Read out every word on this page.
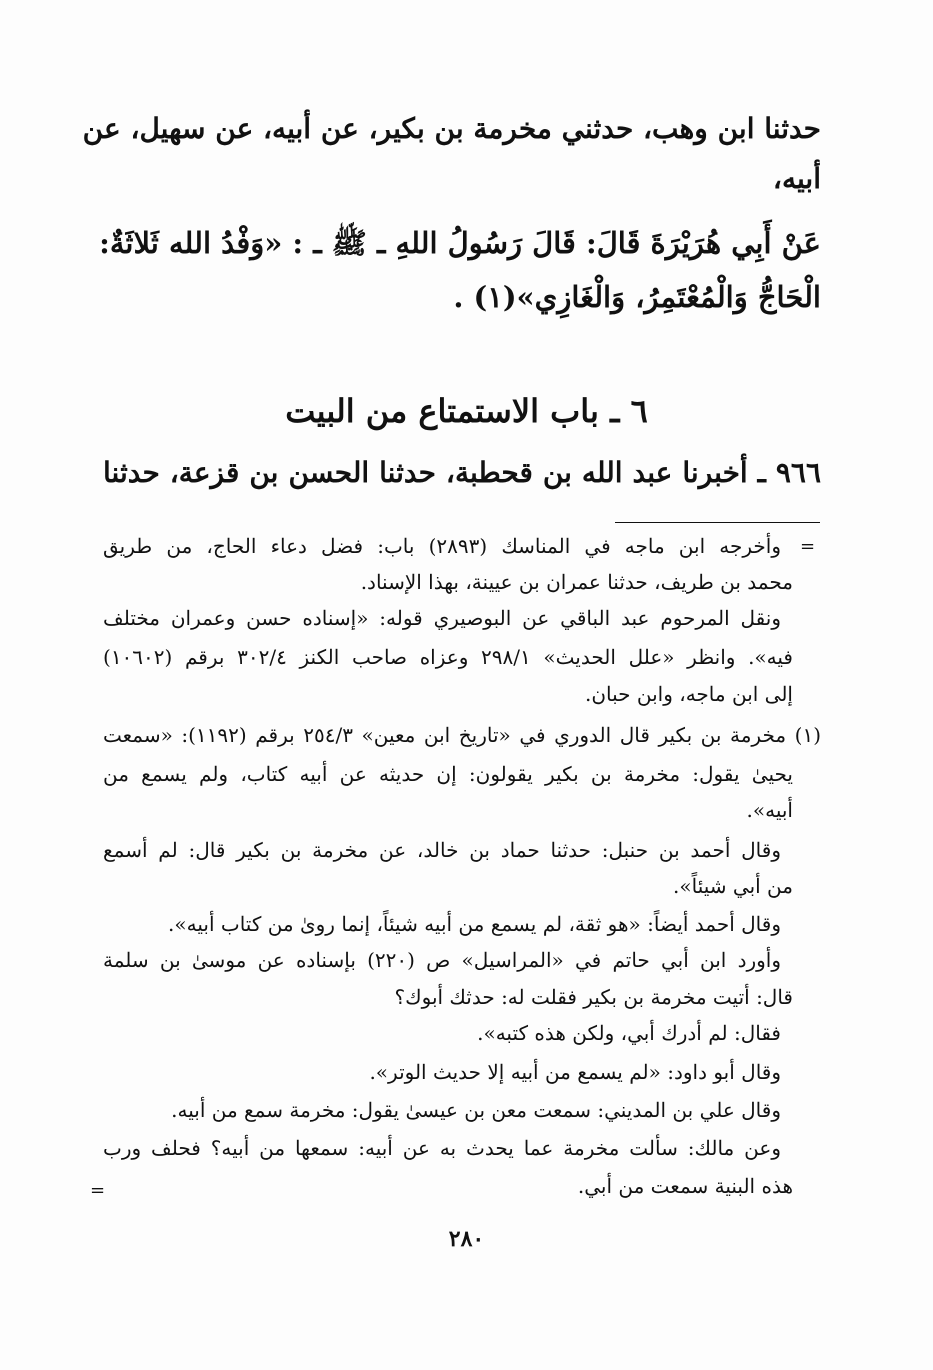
حدثنا ابن وهب، حدثني مخرمة بن بكير، عن أبيه، عن سهيل، عن
أبيه،
عَنْ أَبِي هُرَيْرَةَ قَالَ: قَالَ رَسُولُ اللهِ ـ ﷺ ـ : «وَفْدُ الله ثَلاثَةٌ:
الْحَاجُّ وَالْمُعْتَمِرُ، وَالْغَازِي»(١) .
٦ ـ باب الاستمتاع من البيت
٩٦٦ ـ أخبرنا عبد الله بن قحطبة، حدثنا الحسن بن قزعة، حدثنا
=
=
وأخرجه ابن ماجه في المناسك (٢٨٩٣) باب: فضل دعاء الحاج، من طريق
محمد بن طريف، حدثنا عمران بن عيينة، بهذا الإسناد.
ونقل المرحوم عبد الباقي عن البوصيري قوله: «إسناده حسن وعمران مختلف
فيه». وانظر «علل الحديث» ٢٩٨/١ وعزاه صاحب الكنز ٣٠٢/٤ برقم (١٠٦٠٢)
إلى ابن ماجه، وابن حبان.
(١) مخرمة بن بكير قال الدوري في «تاريخ ابن معين» ٢٥٤/٣ برقم (١١٩٢): «سمعت
يحيىٰ يقول: مخرمة بن بكير يقولون: إن حديثه عن أبيه كتاب، ولم يسمع من
أبيه».
وقال أحمد بن حنبل: حدثنا حماد بن خالد، عن مخرمة بن بكير قال: لم أسمع
من أبي شيئاً».
وقال أحمد أيضاً: «هو ثقة، لم يسمع من أبيه شيئاً، إنما روىٰ من كتاب أبيه».
وأورد ابن أبي حاتم في «المراسيل» ص (٢٢٠) بإسناده عن موسىٰ بن سلمة
قال: أتيت مخرمة بن بكير فقلت له: حدثك أبوك؟
فقال: لم أدرك أبي، ولكن هذه كتبه».
وقال أبو داود: «لم يسمع من أبيه إلا حديث الوتر».
وقال علي بن المديني: سمعت معن بن عيسىٰ يقول: مخرمة سمع من أبيه.
وعن مالك: سألت مخرمة عما يحدث به عن أبيه: سمعها من أبيه؟ فحلف ورب
هذه البنية سمعت من أبي.
٢٨٠
